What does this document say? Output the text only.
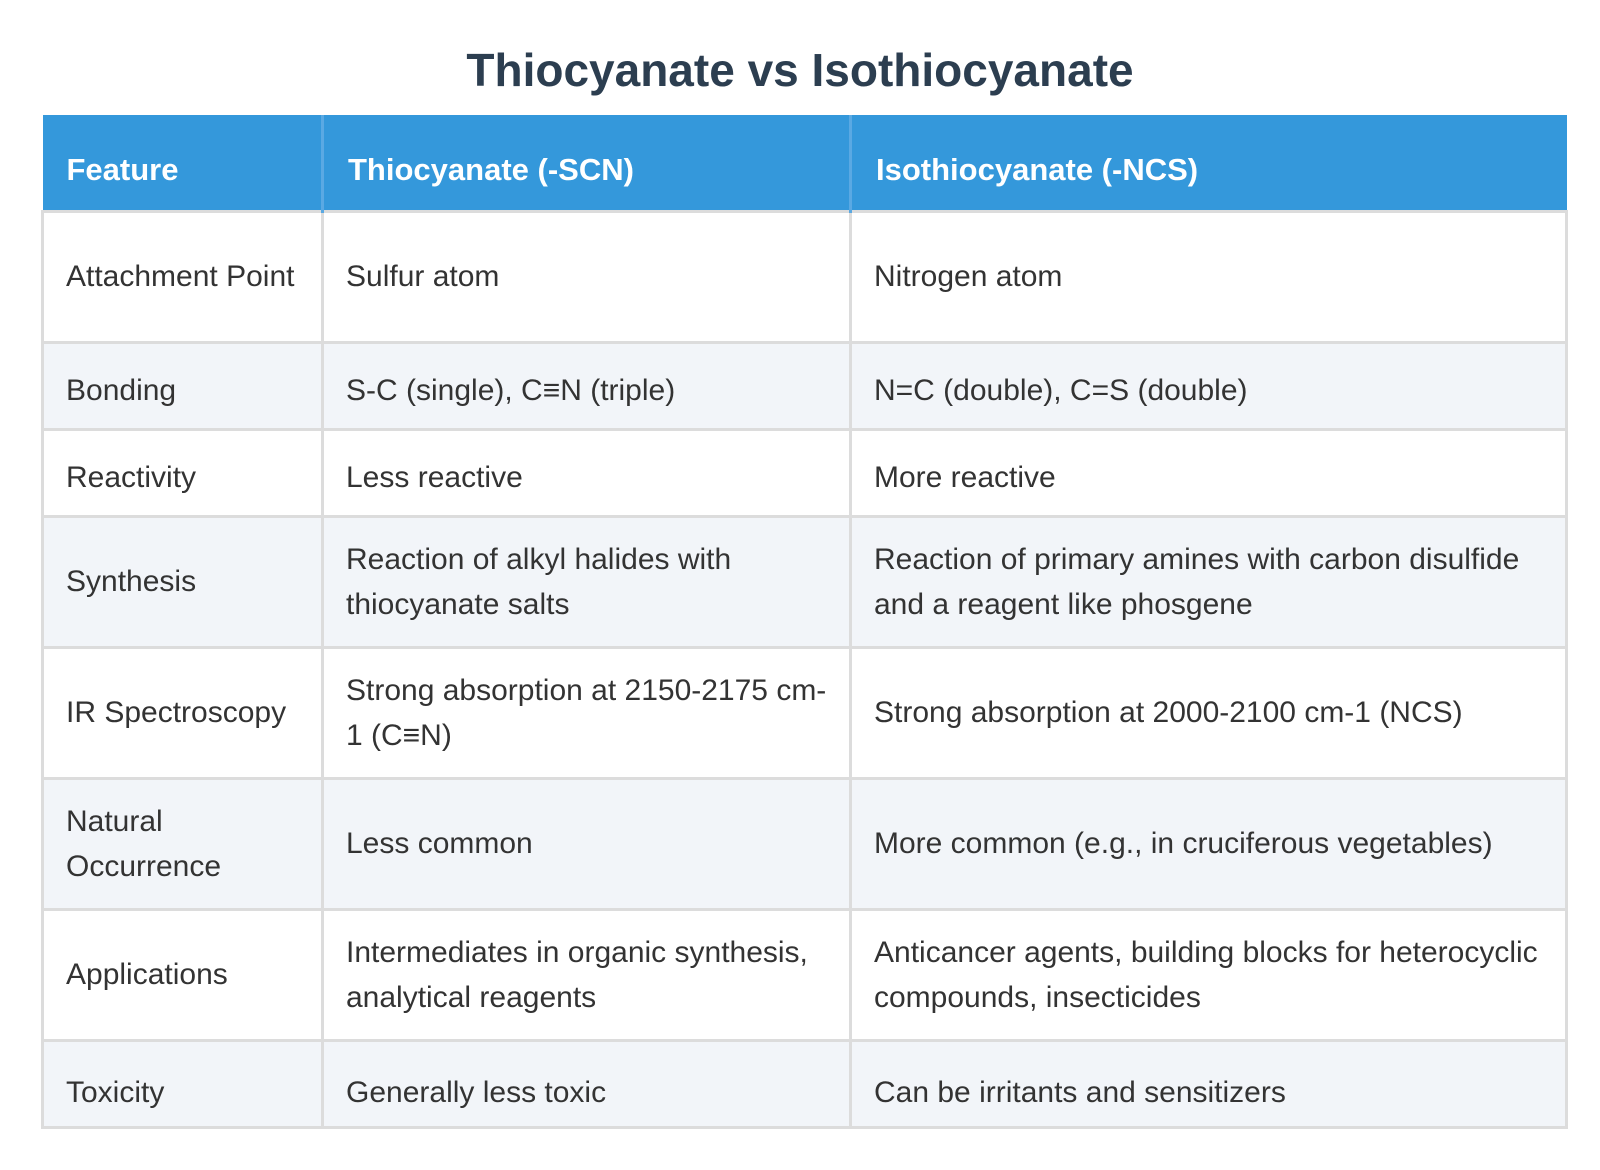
Thiocyanate vs Isothiocyanate
Feature	Thiocyanate (-SCN)	Isothiocyanate (-NCS)
Attachment Point	Sulfur atom	Nitrogen atom
Bonding	S-C (single), C≡N (triple)	N=C (double), C=S (double)
Reactivity	Less reactive	More reactive
Synthesis	Reaction of alkyl halides with thiocyanate salts	Reaction of primary amines with carbon disulfide and a reagent like phosgene
IR Spectroscopy	Strong absorption at 2150-2175 cm-1 (C≡N)	Strong absorption at 2000-2100 cm-1 (NCS)
Natural Occurrence	Less common	More common (e.g., in cruciferous vegetables)
Applications	Intermediates in organic synthesis, analytical reagents	Anticancer agents, building blocks for heterocyclic compounds, insecticides
Toxicity	Generally less toxic	Can be irritants and sensitizers
